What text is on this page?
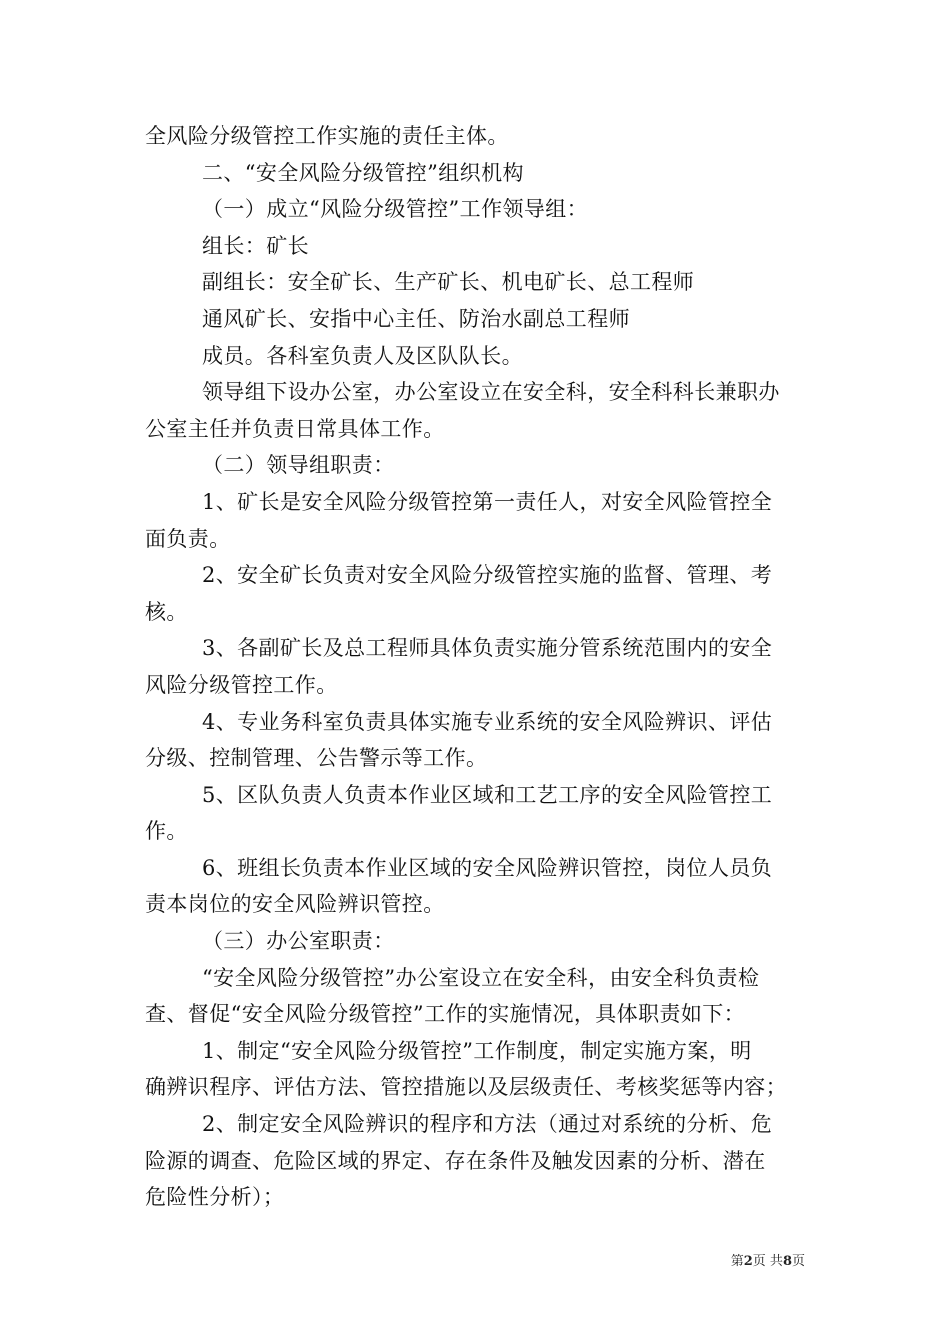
全风险分级管控工作实施的责任主体。
二、“安全风险分级管控”组织机构
（一）成立“风险分级管控”工作领导组：
组长：矿长
副组长：安全矿长、生产矿长、机电矿长、总工程师
通风矿长、安指中心主任、防治水副总工程师
成员。各科室负责人及区队队长。
领导组下设办公室，办公室设立在安全科，安全科科长兼职办
公室主任并负责日常具体工作。
（二）领导组职责：
1、矿长是安全风险分级管控第一责任人，对安全风险管控全
面负责。
2、安全矿长负责对安全风险分级管控实施的监督、管理、考
核。
3、各副矿长及总工程师具体负责实施分管系统范围内的安全
风险分级管控工作。
4、专业务科室负责具体实施专业系统的安全风险辨识、评估
分级、控制管理、公告警示等工作。
5、区队负责人负责本作业区域和工艺工序的安全风险管控工
作。
6、班组长负责本作业区域的安全风险辨识管控，岗位人员负
责本岗位的安全风险辨识管控。
（三）办公室职责：
“安全风险分级管控”办公室设立在安全科，由安全科负责检
查、督促“安全风险分级管控”工作的实施情况，具体职责如下：
1、制定“安全风险分级管控”工作制度，制定实施方案，明
确辨识程序、评估方法、管控措施以及层级责任、考核奖惩等内容；
2、制定安全风险辨识的程序和方法（通过对系统的分析、危
险源的调查、危险区域的界定、存在条件及触发因素的分析、潜在
危险性分析）；
第2页 共8页
